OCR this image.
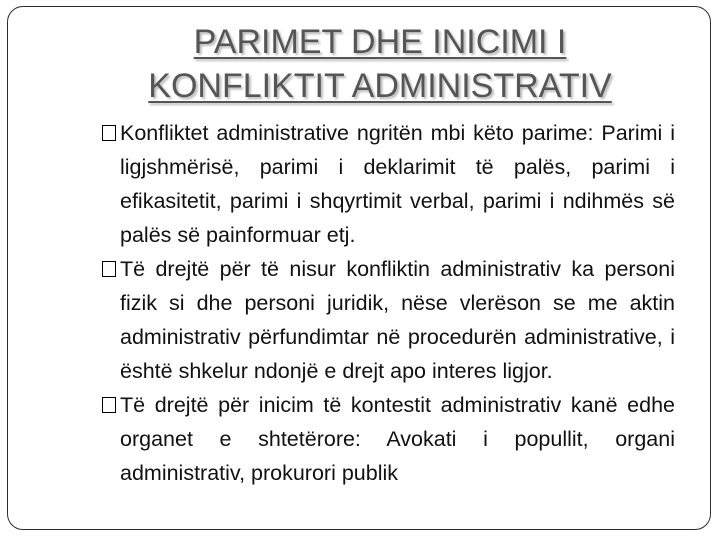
PARIMET DHE INICIMI I
KONFLIKTIT ADMINISTRATIV

Konfliktet administrative ngritën mbi këto parime: Parimi i ligjshmërisë, parimi i deklarimit të palës, parimi i efikasitetit, parimi i shqyrtimit verbal, parimi i ndihmës së palës së painformuar etj.

Të drejtë për të nisur konfliktin administrativ ka personi fizik si dhe personi juridik, nëse vlerëson se me aktin administrativ përfundimtar në procedurën administrative, i është shkelur ndonjë e drejt apo interes ligjor.

Të drejtë për inicim të kontestit administrativ kanë edhe organet e shtetërore: Avokati i popullit, organi administrativ, prokurori publik
